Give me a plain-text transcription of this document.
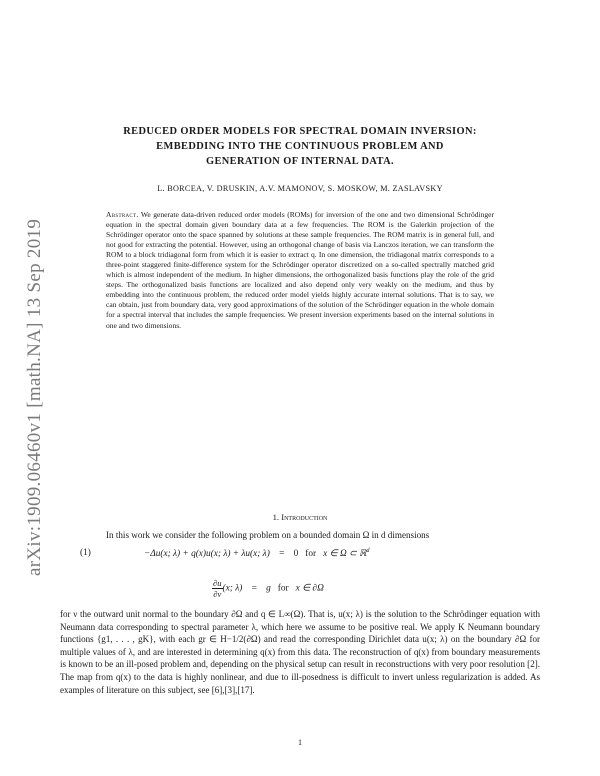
arXiv:1909.06460v1 [math.NA] 13 Sep 2019
REDUCED ORDER MODELS FOR SPECTRAL DOMAIN INVERSION:
EMBEDDING INTO THE CONTINUOUS PROBLEM AND
GENERATION OF INTERNAL DATA.
L. BORCEA, V. DRUSKIN, A.V. MAMONOV, S. MOSKOW, M. ZASLAVSKY
Abstract. We generate data-driven reduced order models (ROMs) for inversion of the one and two dimensional Schrödinger equation in the spectral domain given boundary data at a few frequencies. The ROM is the Galerkin projection of the Schrödinger operator onto the space spanned by solutions at these sample frequencies. The ROM matrix is in general full, and not good for extracting the potential. However, using an orthogonal change of basis via Lanczos iteration, we can transform the ROM to a block tridiagonal form from which it is easier to extract q. In one dimension, the tridiagonal matrix corresponds to a three-point staggered finite-difference system for the Schrödinger operator discretized on a so-called spectrally matched grid which is almost independent of the medium. In higher dimensions, the orthogonalized basis functions play the role of the grid steps. The orthogonalized basis functions are localized and also depend only very weakly on the medium, and thus by embedding into the continuous problem, the reduced order model yields highly accurate internal solutions. That is to say, we can obtain, just from boundary data, very good approximations of the solution of the Schrödinger equation in the whole domain for a spectral interval that includes the sample frequencies. We present inversion experiments based on the internal solutions in one and two dimensions.
1. Introduction
In this work we consider the following problem on a bounded domain Ω in d dimensions
(1)	−Δu(x; λ) + q(x)u(x; λ) + λu(x; λ) = 0 for x ∈ Ω ⊂ ℝ$^d$
$\frac{\partial u}{\partial\nu} (x$; λ) = g for x ∈ ∂Ω
for ν the outward unit normal to the boundary ∂Ω and q ∈ L∞(Ω). That is, u(x; λ) is the solution to the Schrödinger equation with Neumann data corresponding to spectral parameter λ, which here we assume to be positive real. We apply K Neumann boundary functions {g1, . . . , gK}, with each gr ∈ H−1/2(∂Ω) and read the corresponding Dirichlet data u(x; λ) on the boundary ∂Ω for multiple values of λ, and are interested in determining q(x) from this data. The reconstruction of q(x) from boundary measurements is known to be an ill-posed problem and, depending on the physical setup can result in reconstructions with very poor resolution [2]. The map from q(x) to the data is highly nonlinear, and due to ill-posedness is difficult to invert unless regularization is added. As examples of literature on this subject, see [6],[3],[17].
1
